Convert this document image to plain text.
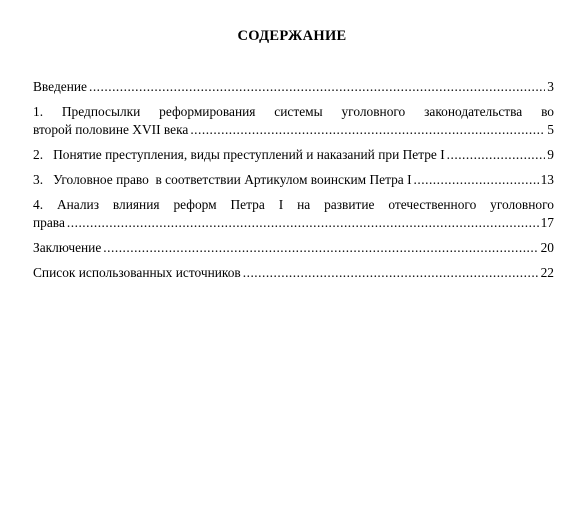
СОДЕРЖАНИЕ
Введение .....	3
1. Предпосылки реформирования системы уголовного законодательства во
второй половине XVII века .....	5
2.   Понятие преступления, виды преступлений и наказаний при Петре I .....	9
3.   Уголовное право  в соответствии Артикулом воинским Петра I .....	13
4. Анализ влияния реформ Петра I на развитие отечественного уголовного
права .....	17
Заключение .....	20
Список использованных источников .....	22
